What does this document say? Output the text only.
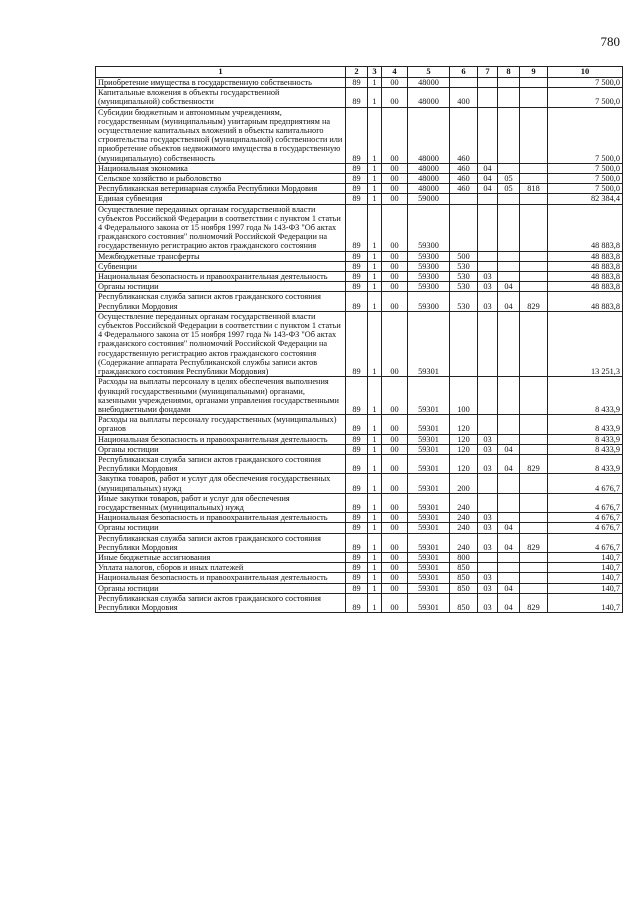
780
1	2	3	4	5	6	7	8	9	10
Приобретение имущества в государственную собственность	89	1	00	48000					7 500,0
Капитальные вложения в объекты государственной (муниципальной) собственности	89	1	00	48000	400				7 500,0
Субсидии бюджетным и автономным учреждениям, государственным (муниципальным) унитарным предприятиям на осуществление капитальных вложений в объекты капитального строительства государственной (муниципальной) собственности или приобретение объектов недвижимого имущества в государственную (муниципальную) собственность	89	1	00	48000	460				7 500,0
Национальная экономика	89	1	00	48000	460	04			7 500,0
Сельское хозяйство и рыболовство	89	1	00	48000	460	04	05		7 500,0
Республиканская ветеринарная служба Республики Мордовия	89	1	00	48000	460	04	05	818	7 500,0
Единая субвенция	89	1	00	59000					82 384,4
Осуществление переданных органам государственной власти субъектов Российской Федерации в соответствии с пунктом 1 статьи 4 Федерального закона от 15 ноября 1997 года № 143-ФЗ "Об актах гражданского состояния" полномочий Российской Федерации на государственную регистрацию актов гражданского состояния	89	1	00	59300					48 883,8
Межбюджетные трансферты	89	1	00	59300	500				48 883,8
Субвенции	89	1	00	59300	530				48 883,8
Национальная безопасность и правоохранительная деятельность	89	1	00	59300	530	03			48 883,8
Органы юстиции	89	1	00	59300	530	03	04		48 883,8
Республиканская служба записи актов гражданского состояния Республики Мордовия	89	1	00	59300	530	03	04	829	48 883,8
Осуществление переданных органам государственной власти субъектов Российской Федерации в соответствии с пунктом 1 статьи 4 Федерального закона от 15 ноября 1997 года № 143-ФЗ "Об актах гражданского состояния" полномочий Российской Федерации на государственную регистрацию актов гражданского состояния (Содержание аппарата Республиканской службы записи актов гражданского состояния Республики Мордовия)	89	1	00	59301					13 251,3
Расходы на выплаты персоналу в целях обеспечения выполнения функций государственными (муниципальными) органами, казенными учреждениями, органами управления государственными внебюджетными фондами	89	1	00	59301	100				8 433,9
Расходы на выплаты персоналу государственных (муниципальных) органов	89	1	00	59301	120				8 433,9
Национальная безопасность и правоохранительная деятельность	89	1	00	59301	120	03			8 433,9
Органы юстиции	89	1	00	59301	120	03	04		8 433,9
Республиканская служба записи актов гражданского состояния Республики Мордовия	89	1	00	59301	120	03	04	829	8 433,9
Закупка товаров, работ и услуг для обеспечения государственных (муниципальных) нужд	89	1	00	59301	200				4 676,7
Иные закупки товаров, работ и услуг для обеспечения государственных (муниципальных) нужд	89	1	00	59301	240				4 676,7
Национальная безопасность и правоохранительная деятельность	89	1	00	59301	240	03			4 676,7
Органы юстиции	89	1	00	59301	240	03	04		4 676,7
Республиканская служба записи актов гражданского состояния Республики Мордовия	89	1	00	59301	240	03	04	829	4 676,7
Иные бюджетные ассигнования	89	1	00	59301	800				140,7
Уплата налогов, сборов и иных платежей	89	1	00	59301	850				140,7
Национальная безопасность и правоохранительная деятельность	89	1	00	59301	850	03			140,7
Органы юстиции	89	1	00	59301	850	03	04		140,7
Республиканская служба записи актов гражданского состояния Республики Мордовия	89	1	00	59301	850	03	04	829	140,7
